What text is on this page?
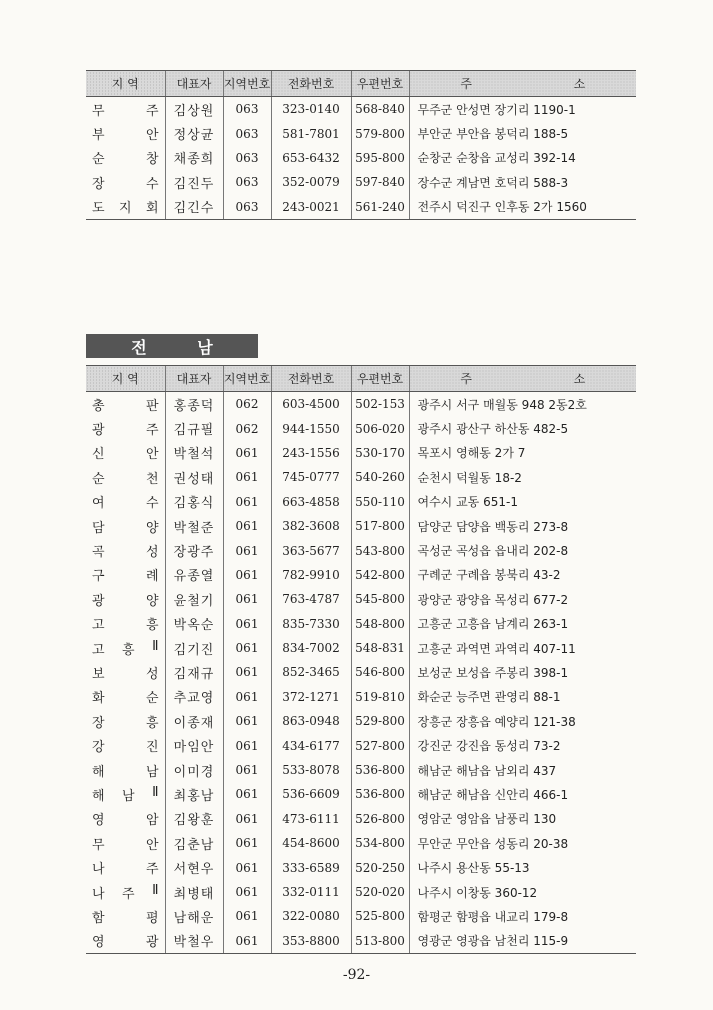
지 역	대표자	지역번호	전화번호	우편번호	주 소

무 주	김상원	063	323-0140	568-840	무주군 안성면 장기리 1190-1

부 안	정상균	063	581-7801	579-800	부안군 부안읍 봉덕리 188-5

순 창	채종희	063	653-6432	595-800	순창군 순창읍 교성리 392-14

장 수	김진두	063	352-0079	597-840	장수군 계남면 호덕리 588-3

도 지 회	김긴수	063	243-0021	561-240	전주시 덕진구 인후동 2가 1560
전	남
지 역	대표자	지역번호	전화번호	우편번호	주 소

총 판	홍종덕	062	603-4500	502-153	광주시 서구 매월동 948 2동2호

광 주	김규필	062	944-1550	506-020	광주시 광산구 하산동 482-5

신 안	박철석	061	243-1556	530-170	목포시 영해동 2가 7

순 천	권성태	061	745-0777	540-260	순천시 덕월동 18-2

여 수	김홍식	061	663-4858	550-110	여수시 교동 651-1

담 양	박철준	061	382-3608	517-800	담양군 담양읍 백동리 273-8

곡 성	장광주	061	363-5677	543-800	곡성군 곡성읍 읍내리 202-8

구 례	유종열	061	782-9910	542-800	구례군 구례읍 봉북리 43-2

광 양	윤철기	061	763-4787	545-800	광양군 광양읍 목성리 677-2

고 흥	박옥순	061	835-7330	548-800	고흥군 고흥읍 남계리 263-1

고 흥 Ⅱ	김기진	061	834-7002	548-831	고흥군 과역면 과역리 407-11

보 성	김재규	061	852-3465	546-800	보성군 보성읍 주봉리 398-1

화 순	추교영	061	372-1271	519-810	화순군 능주면 관영리 88-1

장 흥	이종재	061	863-0948	529-800	장흥군 장흥읍 예양리 121-38

강 진	마임안	061	434-6177	527-800	강진군 강진읍 동성리 73-2

해 남	이미경	061	533-8078	536-800	해남군 해남읍 남외리 437

해 남 Ⅱ	최홍남	061	536-6609	536-800	해남군 해남읍 신안리 466-1

영 암	김왕훈	061	473-6111	526-800	영암군 영암읍 남풍리 130

무 안	김춘남	061	454-8600	534-800	무안군 무안읍 성동리 20-38

나 주	서현우	061	333-6589	520-250	나주시 용산동 55-13

나 주 Ⅱ	최병태	061	332-0111	520-020	나주시 이창동 360-12

함 평	남해운	061	322-0080	525-800	함평군 함평읍 내교리 179-8

영 광	박철우	061	353-8800	513-800	영광군 영광읍 남천리 115-9
-92-
